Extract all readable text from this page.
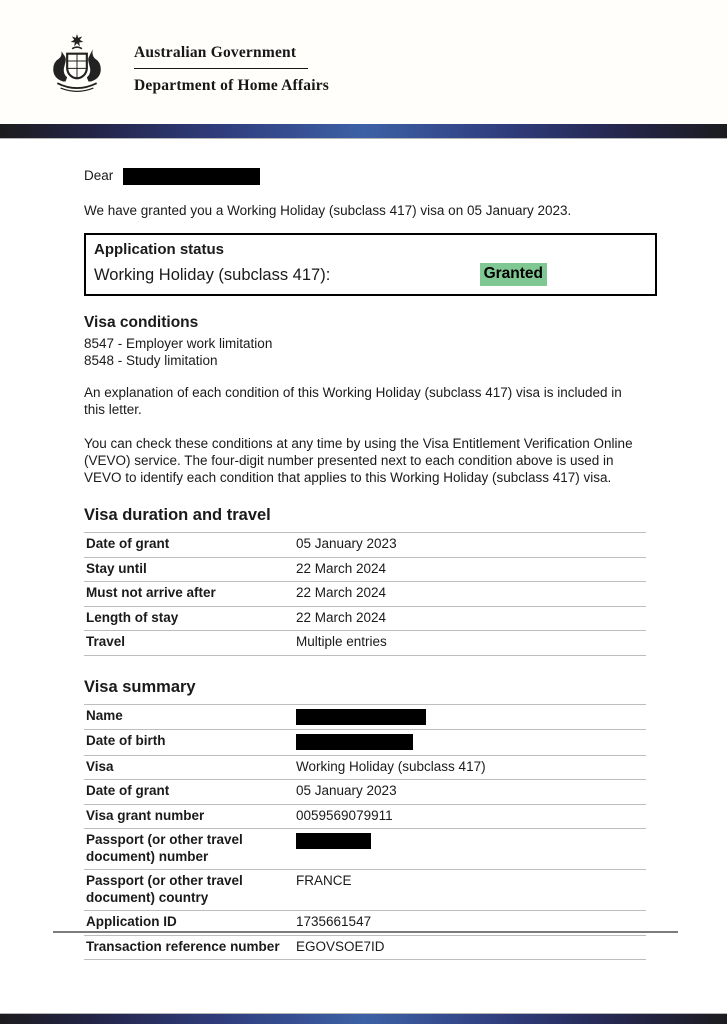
Australian Government
Department of Home Affairs
Dear

We have granted you a Working Holiday (subclass 417) visa on 05 January 2023.

Application status
Working Holiday (subclass 417):	Granted
Visa conditions
8547 - Employer work limitation
8548 - Study limitation

An explanation of each condition of this Working Holiday (subclass 417) visa is included in this letter.

You can check these conditions at any time by using the Visa Entitlement Verification Online (VEVO) service. The four-digit number presented next to each condition above is used in VEVO to identify each condition that applies to this Working Holiday (subclass 417) visa.

Visa duration and travel
Date of grant	05 January 2023
Stay until	22 March 2024
Must not arrive after	22 March 2024
Length of stay	22 March 2024
Travel	Multiple entries
Visa summary
Name	
Date of birth	
Visa	Working Holiday (subclass 417)
Date of grant	05 January 2023
Visa grant number	0059569079911
Passport (or other travel document) number	
Passport (or other travel document) country	FRANCE
Application ID	1735661547
Transaction reference number	EGOVSOE7ID
